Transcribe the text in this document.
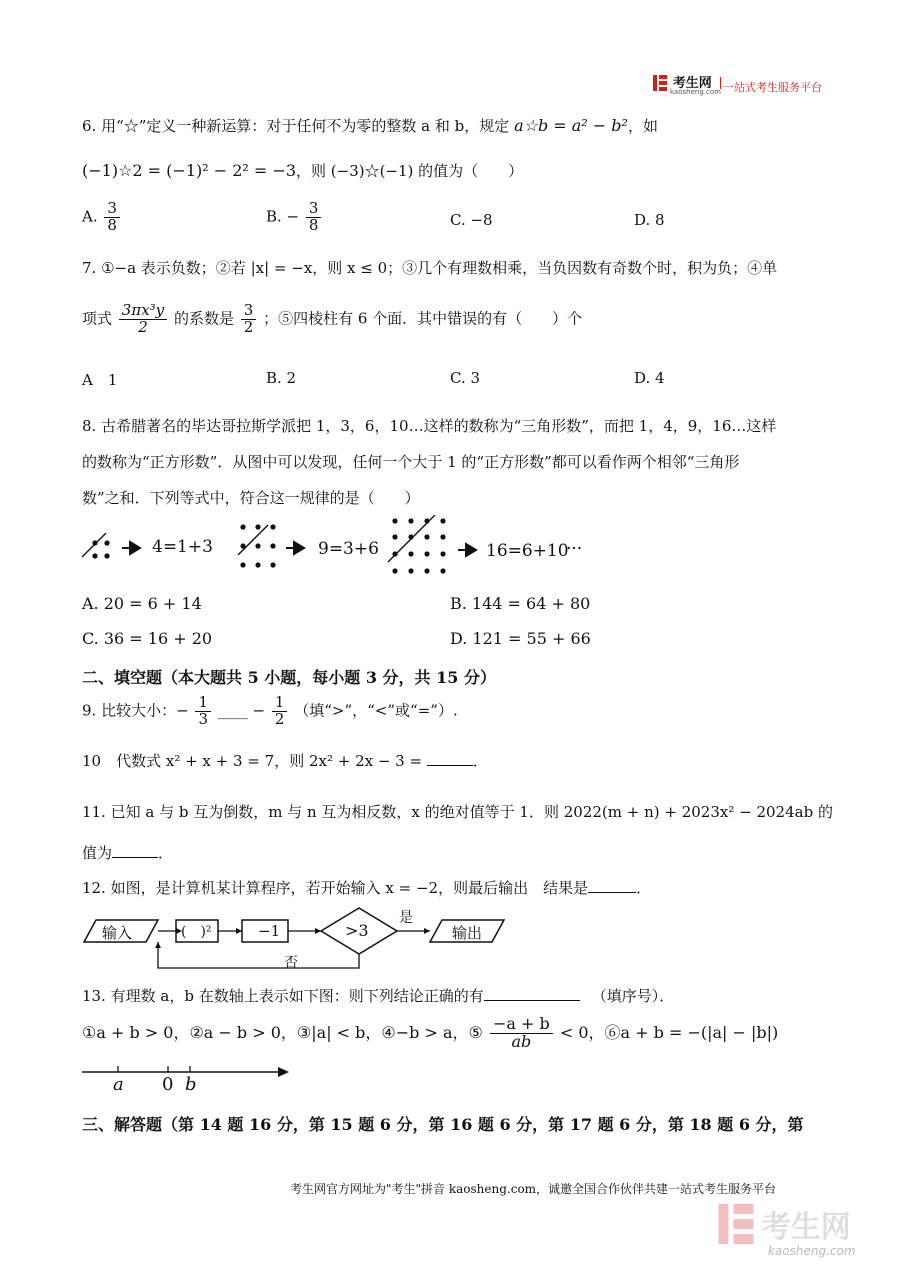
考生网
kaosheng.com 一站式考生服务平台
6. 用“☆”定义一种新运算：对于任何不为零的整数 a 和 b，规定 a☆b = a² − b²，如
(−1)☆2 = (−1)² − 2² = −3，则 (−3)☆(−1) 的值为（　　）
A. $\frac{3}{8}$	B. − $\frac{3}{8}$	C. −8	D. 8
7. ①−a 表示负数；②若 |x| = −x，则 x ≤ 0；③几个有理数相乘，当负因数有奇数个时，积为负；④单
项式 $\frac{\text{3πx³y}}{2}$ 的系数是 $\frac{3}{2}$ ；⑤四棱柱有 6 个面．其中错误的有（　　）个
A　1	B. 2	C. 3	D. 4
8. 古希腊著名的毕达哥拉斯学派把 1，3，6，10…这样的数称为“三角形数”，而把 1，4，9，16…这样
的数称为“正方形数”．从图中可以发现，任何一个大于 1 的“正方形数”都可以看作两个相邻“三角形
数”之和．下列等式中，符合这一规律的是（　　）
4=1+3	9=3+6	16=6+10
···
A. 20 = 6 + 14	B. 144 = 64 + 80
C. 36 = 16 + 20	D. 121 = 55 + 66
二、填空题（本大题共 5 小题，每小题 3 分，共 15 分）
9. 比较大小：− $\frac{1}{3}$ ____ − $\frac{1}{2}$ （填“>”，“<”或“=”）.
10　代数式 x² + x + 3 = 7，则 2x² + 2x − 3 =	．
11. 已知 a 与 b 互为倒数，m 与 n 互为相反数，x 的绝对值等于 1．则 2022(m + n) + 2023x² − 2024ab 的
值为	．
12. 如图，是计算机某计算程序，若开始输入 x = −2，则最后输出　结果是	．
输入	(　)²	−1	>3
是
输出
否
13. 有理数 a，b 在数轴上表示如下图：则下列结论正确的有	（填序号）．
①a + b > 0，②a − b > 0，③|a| < b，④−b > a，⑤ $\frac{-a + b}{ab} < 0$，⑥a + b = −(|a| − |b|)
a 0 b
三、解答题（第 14 题 16 分，第 15 题 6 分，第 16 题 6 分，第 17 题 6 分，第 18 题 6 分，第
考生网官方网址为"考生"拼音 kaosheng.com，诚邀全国合作伙伴共建一站式考生服务平台
考生网
kaosheng.com
